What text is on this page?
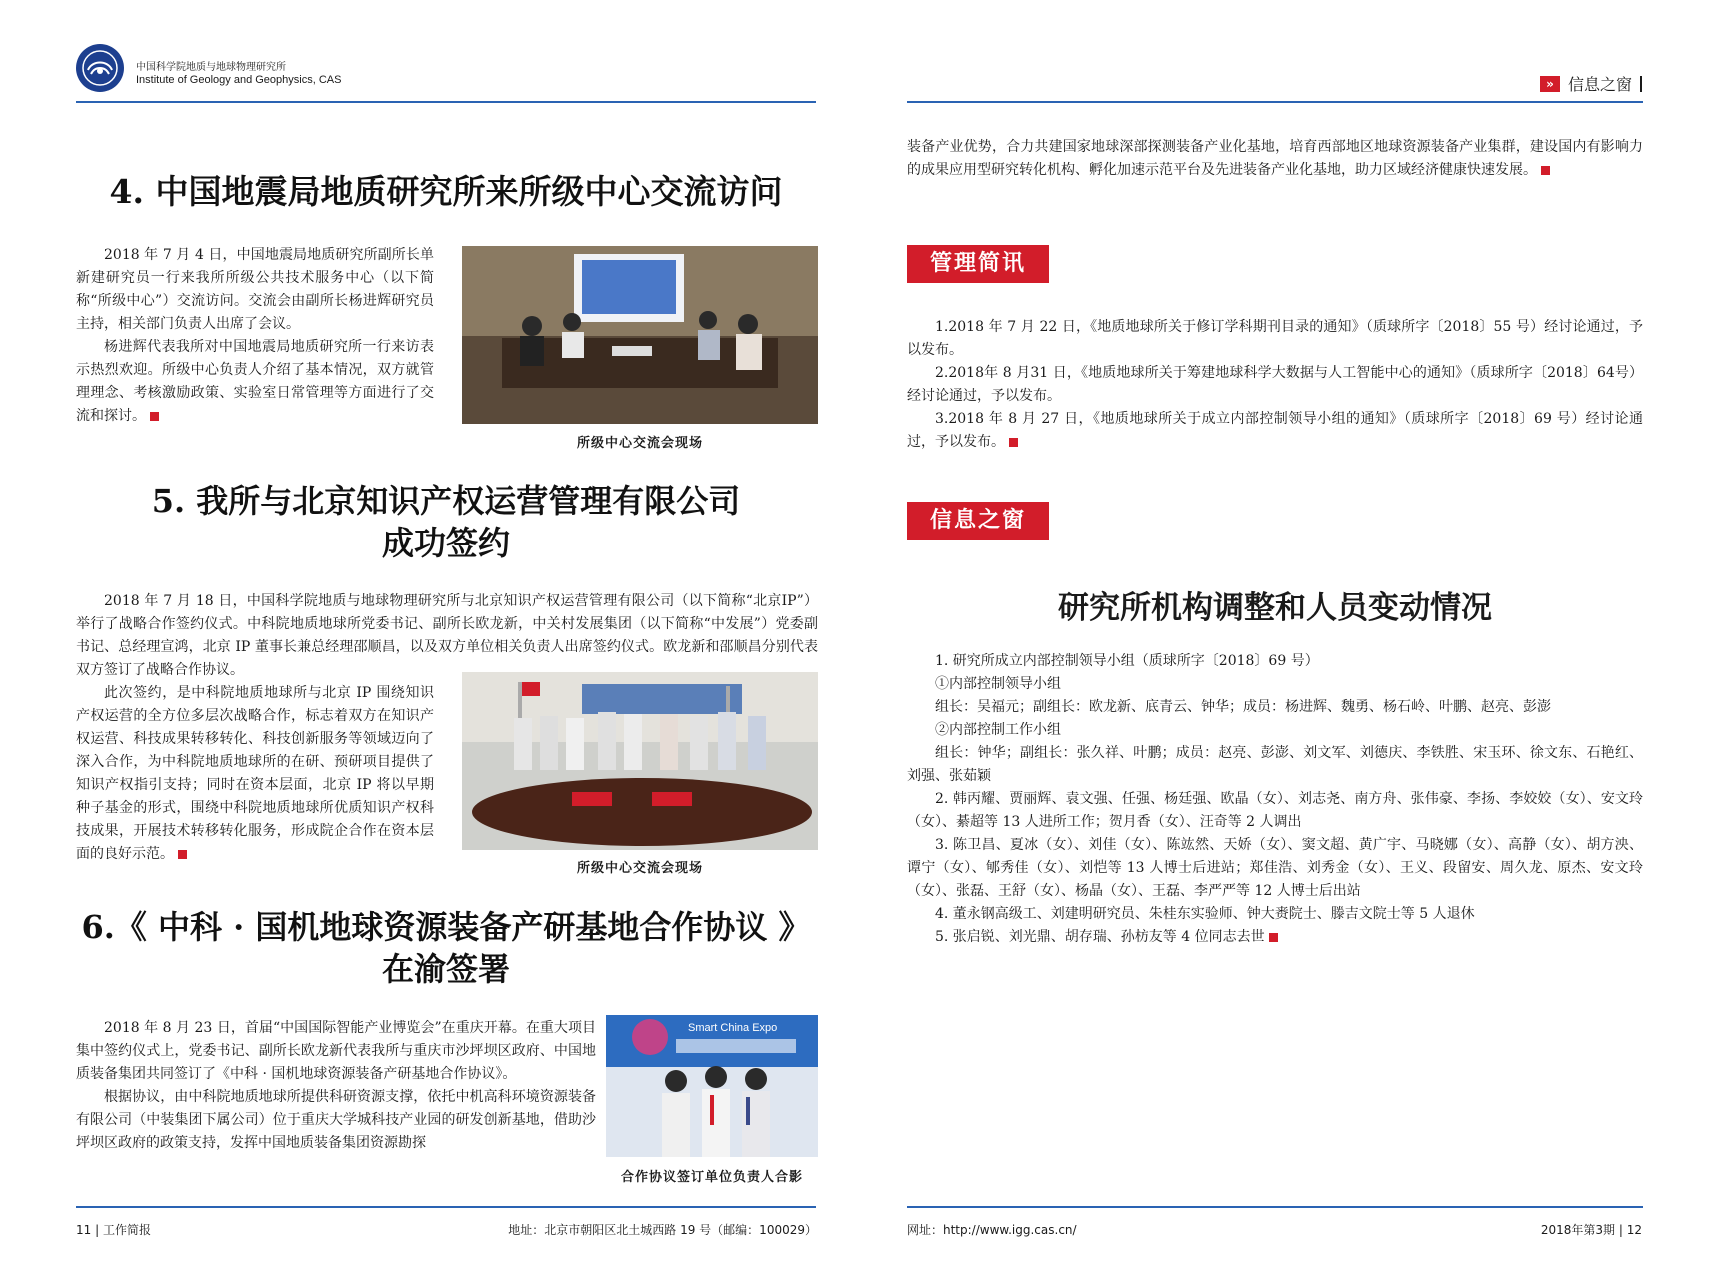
中国科学院地质与地球物理研究所
Institute of Geology and Geophysics, CAS
4. 中国地震局地质研究所来所级中心交流访问

2018 年 7 月 4 日，中国地震局地质研究所副所长单新建研究员一行来我所所级公共技术服务中心（以下简称“所级中心”）交流访问。交流会由副所长杨进辉研究员主持，相关部门负责人出席了会议。

杨进辉代表我所对中国地震局地质研究所一行来访表示热烈欢迎。所级中心负责人介绍了基本情况，双方就管理理念、考核激励政策、实验室日常管理等方面进行了交流和探讨。

所级中心交流会现场
5. 我所与北京知识产权运营管理有限公司
成功签约

2018 年 7 月 18 日，中国科学院地质与地球物理研究所与北京知识产权运营管理有限公司（以下简称“北京IP”）举行了战略合作签约仪式。中科院地质地球所党委书记、副所长欧龙新，中关村发展集团（以下简称“中发展”）党委副书记、总经理宣鸿，北京 IP 董事长兼总经理邵顺昌，以及双方单位相关负责人出席签约仪式。欧龙新和邵顺昌分别代表双方签订了战略合作协议。

此次签约，是中科院地质地球所与北京 IP 围绕知识产权运营的全方位多层次战略合作，标志着双方在知识产权运营、科技成果转移转化、科技创新服务等领域迈向了深入合作，为中科院地质地球所的在研、预研项目提供了知识产权指引支持；同时在资本层面，北京 IP 将以早期种子基金的形式，围绕中科院地质地球所优质知识产权科技成果，开展技术转移转化服务，形成院企合作在资本层面的良好示范。

所级中心交流会现场
6.《 中科 · 国机地球资源装备产研基地合作协议 》
在渝签署

2018 年 8 月 23 日，首届“中国国际智能产业博览会”在重庆开幕。在重大项目集中签约仪式上，党委书记、副所长欧龙新代表我所与重庆市沙坪坝区政府、中国地质装备集团共同签订了《中科 · 国机地球资源装备产研基地合作协议》。

根据协议，由中科院地质地球所提供科研资源支撑，依托中机高科环境资源装备有限公司（中装集团下属公司）位于重庆大学城科技产业园的研发创新基地，借助沙坪坝区政府的政策支持，发挥中国地质装备集团资源勘探

Smart China Expo
合作协议签订单位负责人合影
11 | 工作简报	地址：北京市朝阳区北土城西路 19 号（邮编：100029）
» 信息之窗

装备产业优势，合力共建国家地球深部探测装备产业化基地，培育西部地区地球资源装备产业集群，建设国内有影响力的成果应用型研究转化机构、孵化加速示范平台及先进装备产业化基地，助力区域经济健康快速发展。

管理简讯

1.2018 年 7 月 22 日，《地质地球所关于修订学科期刊目录的通知》（质球所字〔2018〕55 号）经讨论通过，予以发布。

2.2018年 8 月31 日，《地质地球所关于筹建地球科学大数据与人工智能中心的通知》（质球所字〔2018〕64号）经讨论通过，予以发布。

3.2018 年 8 月 27 日，《地质地球所关于成立内部控制领导小组的通知》（质球所字〔2018〕69 号）经讨论通过，予以发布。

信息之窗
研究所机构调整和人员变动情况

1. 研究所成立内部控制领导小组（质球所字〔2018〕69 号）

①内部控制领导小组

组长：吴福元；副组长：欧龙新、底青云、钟华；成员：杨进辉、魏勇、杨石岭、叶鹏、赵亮、彭澎

②内部控制工作小组

组长：钟华；副组长：张久祥、叶鹏；成员：赵亮、彭澎、刘文军、刘德庆、李铁胜、宋玉环、徐文东、石艳红、刘强、张茹颖

2. 韩丙耀、贾丽辉、袁文强、任强、杨廷强、欧晶（女）、刘志尧、南方舟、张伟豪、李扬、李姣姣（女）、安文玲（女）、綦超等 13 人进所工作；贺月香（女）、汪奇等 2 人调出

3. 陈卫昌、夏冰（女）、刘佳（女）、陈竑然、天娇（女）、窦文超、黄广宇、马晓娜（女）、高静（女）、胡方泱、谭宁（女）、郇秀佳（女）、刘恺等 13 人博士后进站；郑佳浩、刘秀金（女）、王义、段留安、周久龙、原杰、安文玲（女）、张磊、王舒（女）、杨晶（女）、王磊、李严严等 12 人博士后出站

4. 董永钢高级工、刘建明研究员、朱桂东实验师、钟大赉院士、滕吉文院士等 5 人退休

5. 张启锐、刘光鼎、胡存瑞、孙枋友等 4 位同志去世

网址：http://www.igg.cas.cn/	2018年第3期 | 12
